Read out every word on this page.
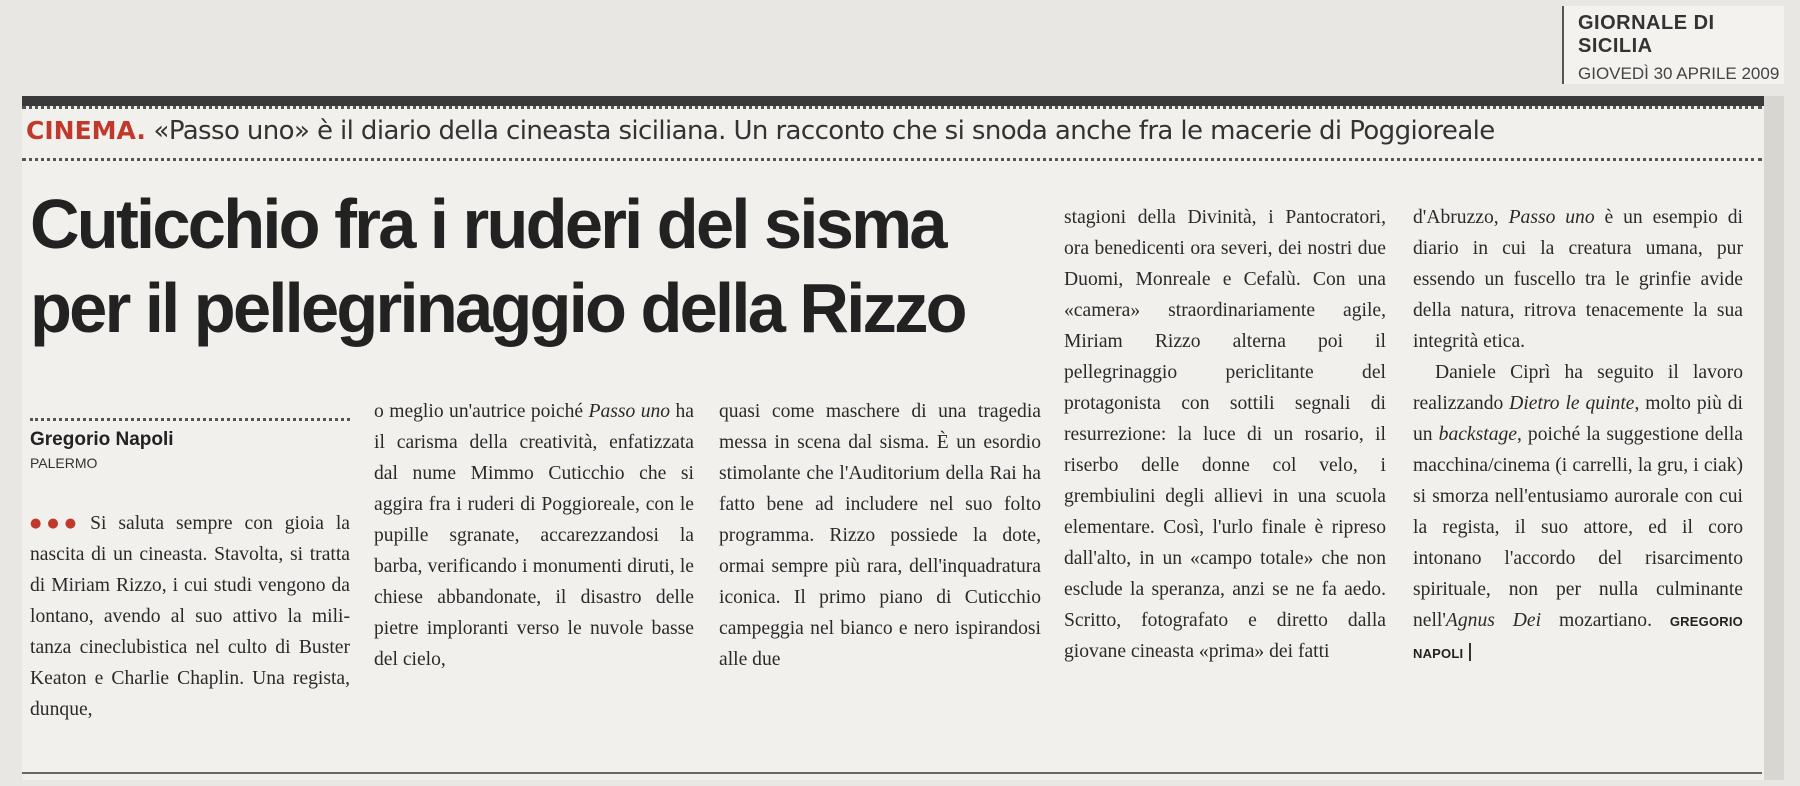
GIORNALE DI SICILIA
GIOVEDÌ 30 APRILE 2009
CINEMA. «Passo uno» è il diario della cineasta siciliana. Un racconto che si snoda anche fra le macerie di Poggioreale
Cuticchio fra i ruderi del sisma per il pellegrinaggio della Rizzo
Gregorio Napoli
PALERMO

●●● Si saluta sempre con gioia la nascita di un cineasta. Stavolta, si tratta di Miriam Rizzo, i cui studi vengono da lontano, avendo al suo attivo la militanza cineclubistica nel culto di Buster Keaton e Charlie Chaplin. Una regista, dunque,

o meglio un'autrice poiché Passo uno ha il carisma della creatività, enfatizzata dal nume Mimmo Cuticchio che si aggira fra i ruderi di Poggioreale, con le pupille sgranate, accarezzandosi la barba, verificando i monumenti diruti, le chiese abbandonate, il disastro delle pietre imploranti verso le nuvole basse del cielo,

quasi come maschere di una tragedia messa in scena dal sisma. È un esordio stimolante che l'Auditorium della Rai ha fatto bene ad includere nel suo folto programma. Rizzo possiede la dote, ormai sempre più rara, dell'inquadratura iconica. Il primo piano di Cuticchio campeggia nel bianco e nero ispirandosi alle due

stagioni della Divinità, i Pantocratori, ora benedicenti ora severi, dei nostri due Duomi, Monreale e Cefalù. Con una «camera» straordinariamente agile, Miriam Rizzo alterna poi il pellegrinaggio periclitante del protagonista con sottili segnali di resurrezione: la luce di un rosario, il riserbo delle donne col velo, i grembiulini degli allievi in una scuola elementare. Così, l'urlo finale è ripreso dall'alto, in un «campo totale» che non esclude la speranza, anzi se ne fa aedo. Scritto, fotografato e diretto dalla giovane cineasta «prima» dei fatti

d'Abruzzo, Passo uno è un esempio di diario in cui la creatura umana, pur essendo un fuscello tra le grinfie avide della natura, ritrova tenacemente la sua integrità etica.
Daniele Ciprì ha seguito il lavoro realizzando Dietro le quinte, molto più di un backstage, poiché la suggestione della macchina/cinema (i carrelli, la gru, i ciak) si smorza nell'entusiamo aurorale con cui la regista, il suo attore, ed il coro intonano l'accordo del risarcimento spirituale, non per nulla culminante nell'Agnus Dei mozartiano. GREGORIO NAPOLI
